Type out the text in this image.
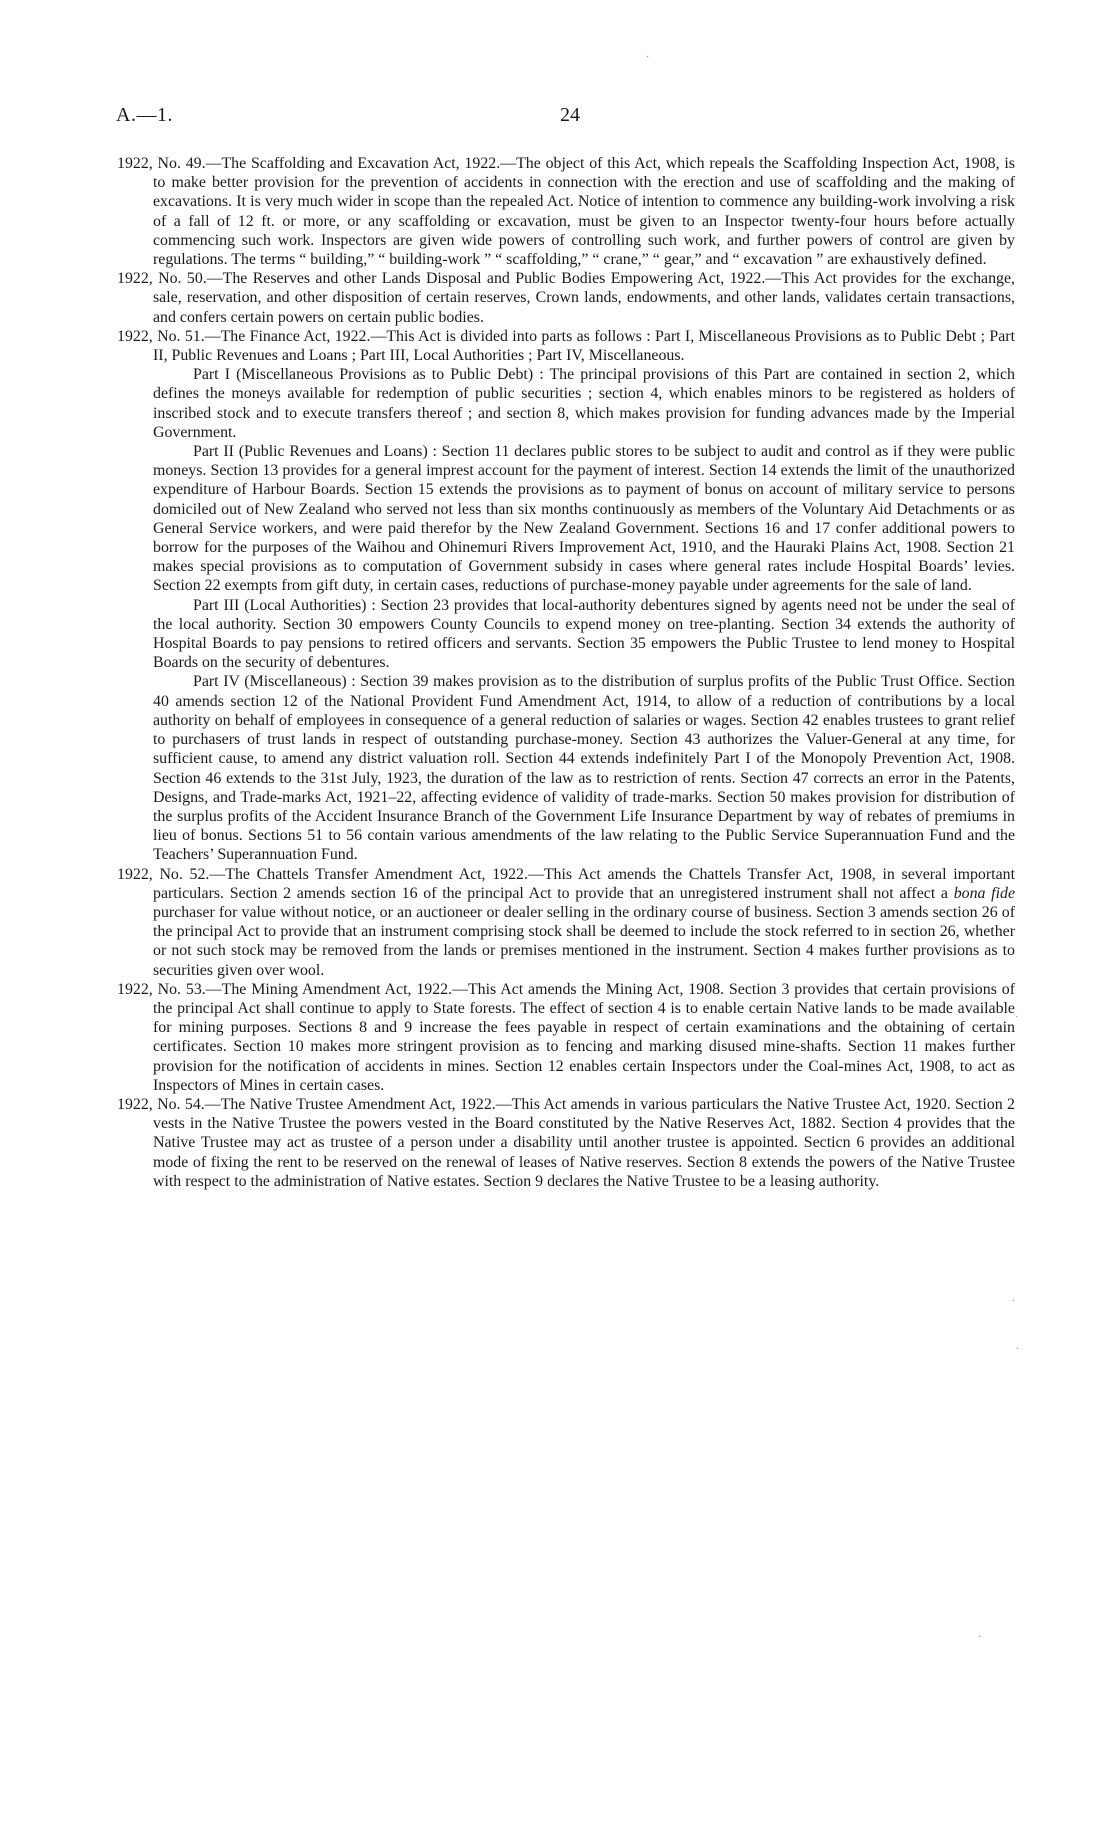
A.—1.	24

1922, No. 49.—The Scaffolding and Excavation Act, 1922.—The object of this Act, which repeals the Scaffolding Inspection Act, 1908, is to make better provision for the prevention of accidents in connection with the erection and use of scaffolding and the making of excavations. It is very much wider in scope than the repealed Act. Notice of intention to commence any building-work involving a risk of a fall of 12 ft. or more, or any scaffolding or excavation, must be given to an Inspector twenty-four hours before actually commencing such work. Inspectors are given wide powers of controlling such work, and further powers of control are given by regulations. The terms “ building,” “ building-work ” “ scaffolding,” “ crane,” “ gear,” and “ excavation ” are exhaustively defined.

1922, No. 50.—The Reserves and other Lands Disposal and Public Bodies Empowering Act, 1922.—This Act provides for the exchange, sale, reservation, and other disposition of certain reserves, Crown lands, endowments, and other lands, validates certain transactions, and confers certain powers on certain public bodies.

1922, No. 51.—The Finance Act, 1922.—This Act is divided into parts as follows : Part I, Miscellaneous Provisions as to Public Debt ; Part II, Public Revenues and Loans ; Part III, Local Authorities ; Part IV, Miscellaneous.

Part I (Miscellaneous Provisions as to Public Debt) : The principal provisions of this Part are contained in section 2, which defines the moneys available for redemption of public securities ; section 4, which enables minors to be registered as holders of inscribed stock and to execute transfers thereof ; and section 8, which makes provision for funding advances made by the Imperial Government.

Part II (Public Revenues and Loans) : Section 11 declares public stores to be subject to audit and control as if they were public moneys. Section 13 provides for a general imprest account for the payment of interest. Section 14 extends the limit of the unauthorized expenditure of Harbour Boards. Section 15 extends the provisions as to payment of bonus on account of military service to persons domiciled out of New Zealand who served not less than six months continuously as members of the Voluntary Aid Detachments or as General Service workers, and were paid therefor by the New Zealand Government. Sections 16 and 17 confer additional powers to borrow for the purposes of the Waihou and Ohinemuri Rivers Improvement Act, 1910, and the Hauraki Plains Act, 1908. Section 21 makes special provisions as to computation of Government subsidy in cases where general rates include Hospital Boards’ levies. Section 22 exempts from gift duty, in certain cases, reductions of purchase-money payable under agreements for the sale of land.

Part III (Local Authorities) : Section 23 provides that local-authority debentures signed by agents need not be under the seal of the local authority. Section 30 empowers County Councils to expend money on tree-planting. Section 34 extends the authority of Hospital Boards to pay pensions to retired officers and servants. Section 35 empowers the Public Trustee to lend money to Hospital Boards on the security of debentures.

Part IV (Miscellaneous) : Section 39 makes provision as to the distribution of surplus profits of the Public Trust Office. Section 40 amends section 12 of the National Provident Fund Amendment Act, 1914, to allow of a reduction of contributions by a local authority on behalf of employees in consequence of a general reduction of salaries or wages. Section 42 enables trustees to grant relief to purchasers of trust lands in respect of outstanding purchase-money. Section 43 authorizes the Valuer-General at any time, for sufficient cause, to amend any district valuation roll. Section 44 extends indefinitely Part I of the Monopoly Prevention Act, 1908. Section 46 extends to the 31st July, 1923, the duration of the law as to restriction of rents. Section 47 corrects an error in the Patents, Designs, and Trade-marks Act, 1921–22, affecting evidence of validity of trade-marks. Section 50 makes provision for distribution of the surplus profits of the Accident Insurance Branch of the Government Life Insurance Department by way of rebates of premiums in lieu of bonus. Sections 51 to 56 contain various amendments of the law relating to the Public Service Superannuation Fund and the Teachers’ Superannuation Fund.

1922, No. 52.—The Chattels Transfer Amendment Act, 1922.—This Act amends the Chattels Transfer Act, 1908, in several important particulars. Section 2 amends section 16 of the principal Act to provide that an unregistered instrument shall not affect a bona fide purchaser for value without notice, or an auctioneer or dealer selling in the ordinary course of business. Section 3 amends section 26 of the principal Act to provide that an instrument comprising stock shall be deemed to include the stock referred to in section 26, whether or not such stock may be removed from the lands or premises mentioned in the instrument. Section 4 makes further provisions as to securities given over wool.

1922, No. 53.—The Mining Amendment Act, 1922.—This Act amends the Mining Act, 1908. Section 3 provides that certain provisions of the principal Act shall continue to apply to State forests. The effect of section 4 is to enable certain Native lands to be made available for mining purposes. Sections 8 and 9 increase the fees payable in respect of certain examinations and the obtaining of certain certificates. Section 10 makes more stringent provision as to fencing and marking disused mine-shafts. Section 11 makes further provision for the notification of accidents in mines. Section 12 enables certain Inspectors under the Coal-mines Act, 1908, to act as Inspectors of Mines in certain cases.

1922, No. 54.—The Native Trustee Amendment Act, 1922.—This Act amends in various particulars the Native Trustee Act, 1920. Section 2 vests in the Native Trustee the powers vested in the Board constituted by the Native Reserves Act, 1882. Section 4 provides that the Native Trustee may act as trustee of a person under a disability until another trustee is appointed. Secticn 6 provides an additional mode of fixing the rent to be reserved on the renewal of leases of Native reserves. Section 8 extends the powers of the Native Trustee with respect to the administration of Native estates. Section 9 declares the Native Trustee to be a leasing authority.

·
·
·
·
·
